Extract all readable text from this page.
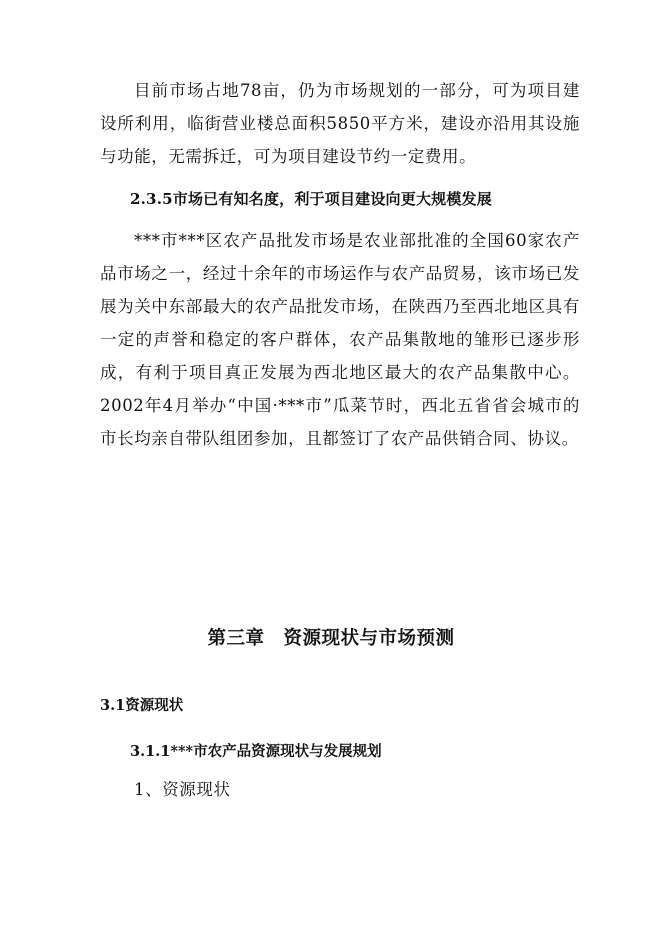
目前市场占地78亩，仍为市场规划的一部分，可为项目建设所利用，临街营业楼总面积5850平方米，建设亦沿用其设施与功能，无需拆迁，可为项目建设节约一定费用。

2.3.5市场已有知名度，利于项目建设向更大规模发展

***市***区农产品批发市场是农业部批准的全国60家农产品市场之一，经过十余年的市场运作与农产品贸易，该市场已发展为关中东部最大的农产品批发市场，在陕西乃至西北地区具有一定的声誉和稳定的客户群体，农产品集散地的雏形已逐步形成，有利于项目真正发展为西北地区最大的农产品集散中心。2002年4月举办“中国·***市”瓜菜节时，西北五省省会城市的市长均亲自带队组团参加，且都签订了农产品供销合同、协议。

第三章　资源现状与市场预测
3.1资源现状
3.1.1***市农产品资源现状与发展规划

1、资源现状
